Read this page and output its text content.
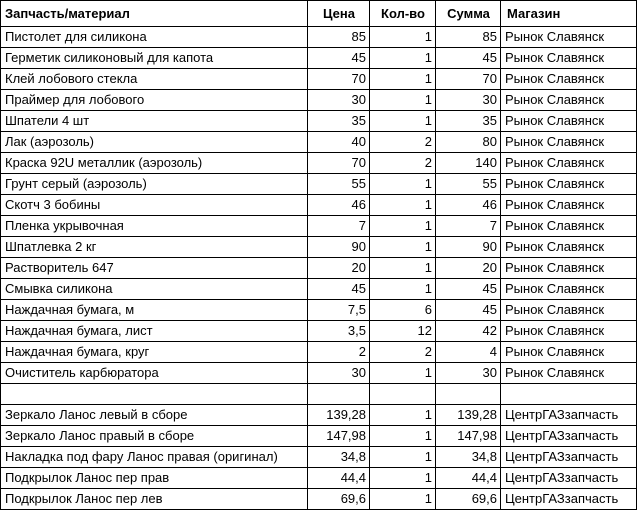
Запчасть/материал	Цена	Кол-во	Сумма	Магазин
Пистолет для силикона	85	1	85	Рынок Славянск
Герметик силиконовый для капота	45	1	45	Рынок Славянск
Клей лобового стекла	70	1	70	Рынок Славянск
Праймер для лобового	30	1	30	Рынок Славянск
Шпатели 4 шт	35	1	35	Рынок Славянск
Лак (аэрозоль)	40	2	80	Рынок Славянск
Краска 92U металлик (аэрозоль)	70	2	140	Рынок Славянск
Грунт серый (аэрозоль)	55	1	55	Рынок Славянск
Скотч 3 бобины	46	1	46	Рынок Славянск
Пленка укрывочная	7	1	7	Рынок Славянск
Шпатлевка 2 кг	90	1	90	Рынок Славянск
Растворитель 647	20	1	20	Рынок Славянск
Смывка силикона	45	1	45	Рынок Славянск
Наждачная бумага, м	7,5	6	45	Рынок Славянск
Наждачная бумага, лист	3,5	12	42	Рынок Славянск
Наждачная бумага, круг	2	2	4	Рынок Славянск
Очиститель карбюратора	30	1	30	Рынок Славянск

Зеркало Ланос левый в сборе	139,28	1	139,28	ЦентрГАЗзапчасть
Зеркало Ланос правый в сборе	147,98	1	147,98	ЦентрГАЗзапчасть
Накладка под фару Ланос правая (оригинал)	34,8	1	34,8	ЦентрГАЗзапчасть
Подкрылок Ланос пер прав	44,4	1	44,4	ЦентрГАЗзапчасть
Подкрылок Ланос пер лев	69,6	1	69,6	ЦентрГАЗзапчасть
